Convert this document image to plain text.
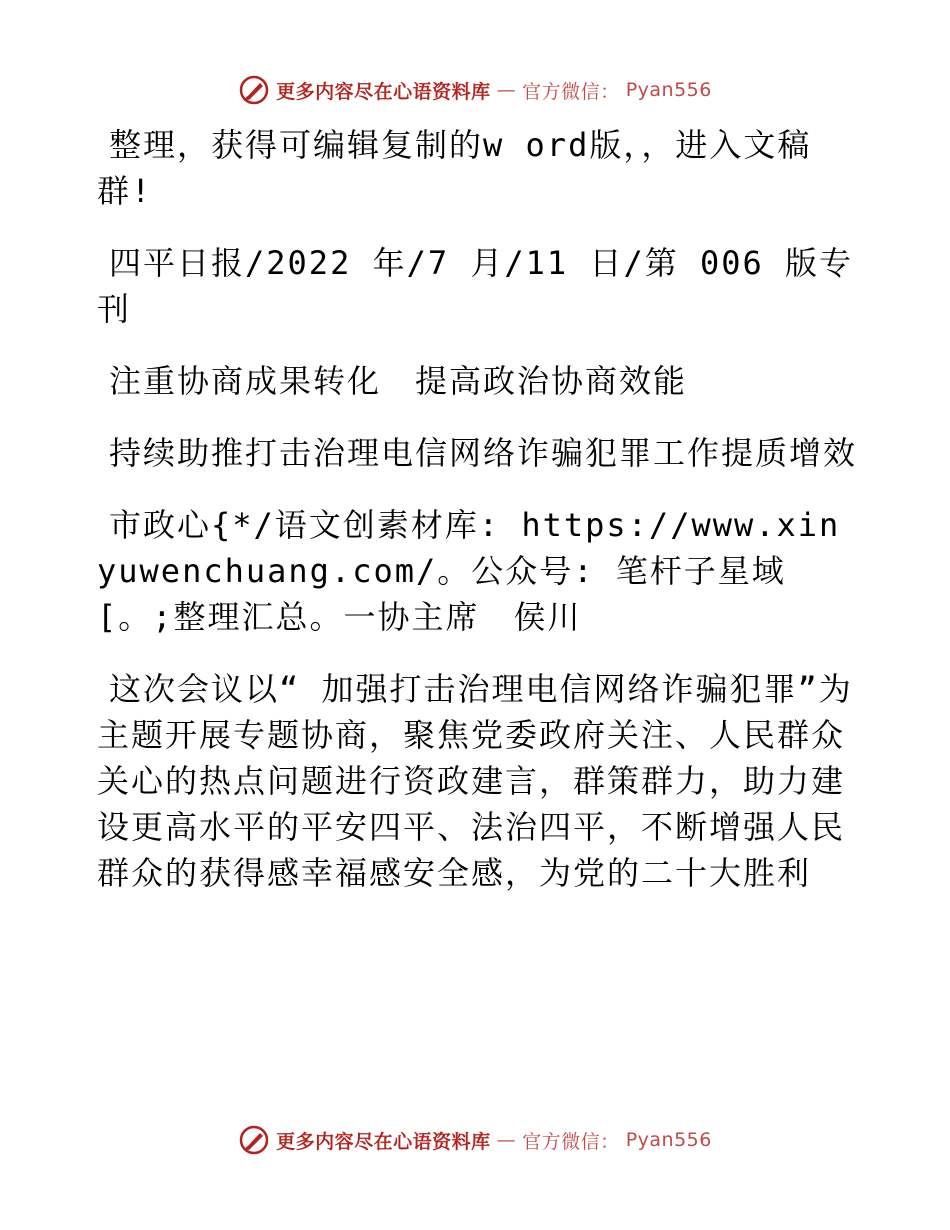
更多内容尽在心语资料库 — 官方微信： Pyan556

整理，获得可编辑复制的w ord版，，进入文稿群!

四平日报/2022 年/7 月/11 日/第 006 版专刊

注重协商成果转化　提高政治协商效能

持续助推打击治理电信网络诈骗犯罪工作提质增效

市政心{*/语文创素材库: https://www.xinyuwenchuang.com/。公众号: 笔杆子星域[。;整理汇总。一协主席　侯川

这次会议以“ 加强打击治理电信网络诈骗犯罪”为主题开展专题协商，聚焦党委政府关注、人民群众关心的热点问题进行资政建言，群策群力，助力建设更高水平的平安四平、法治四平，不断增强人民群众的获得感幸福感安全感，为党的二十大胜利

更多内容尽在心语资料库 — 官方微信： Pyan556
